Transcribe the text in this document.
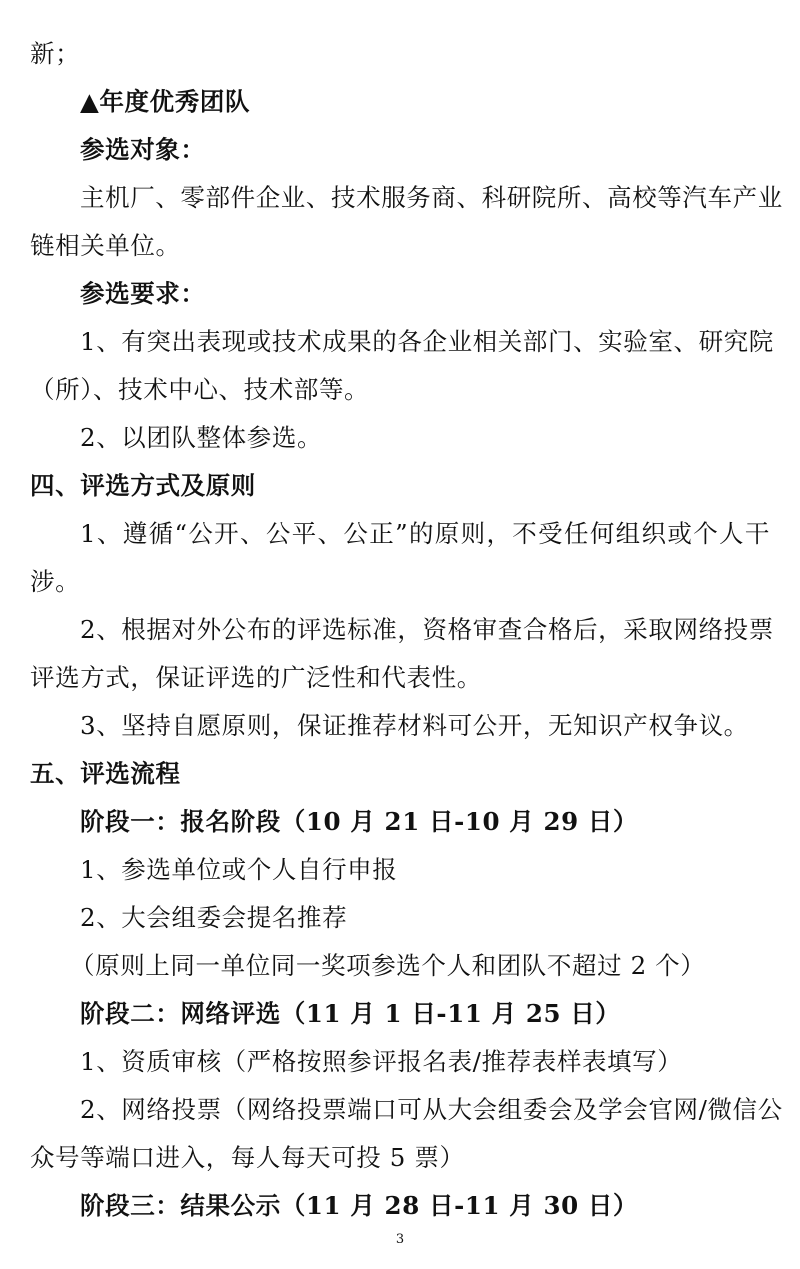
新；
▲年度优秀团队
参选对象：
主机厂、零部件企业、技术服务商、科研院所、高校等汽车产业
链相关单位。
参选要求：
1、有突出表现或技术成果的各企业相关部门、实验室、研究院
（所）、技术中心、技术部等。
2、以团队整体参选。
四、评选方式及原则
1、遵循“公开、公平、公正”的原则，不受任何组织或个人干
涉。
2、根据对外公布的评选标准，资格审查合格后，采取网络投票
评选方式，保证评选的广泛性和代表性。
3、坚持自愿原则，保证推荐材料可公开，无知识产权争议。
五、评选流程
阶段一：报名阶段（10 月 21 日-10 月 29 日）
1、参选单位或个人自行申报
2、大会组委会提名推荐
（原则上同一单位同一奖项参选个人和团队不超过 2 个）
阶段二：网络评选（11 月 1 日-11 月 25 日）
1、资质审核（严格按照参评报名表/推荐表样表填写）
2、网络投票（网络投票端口可从大会组委会及学会官网/微信公
众号等端口进入，每人每天可投 5 票）
阶段三：结果公示（11 月 28 日-11 月 30 日）
3
